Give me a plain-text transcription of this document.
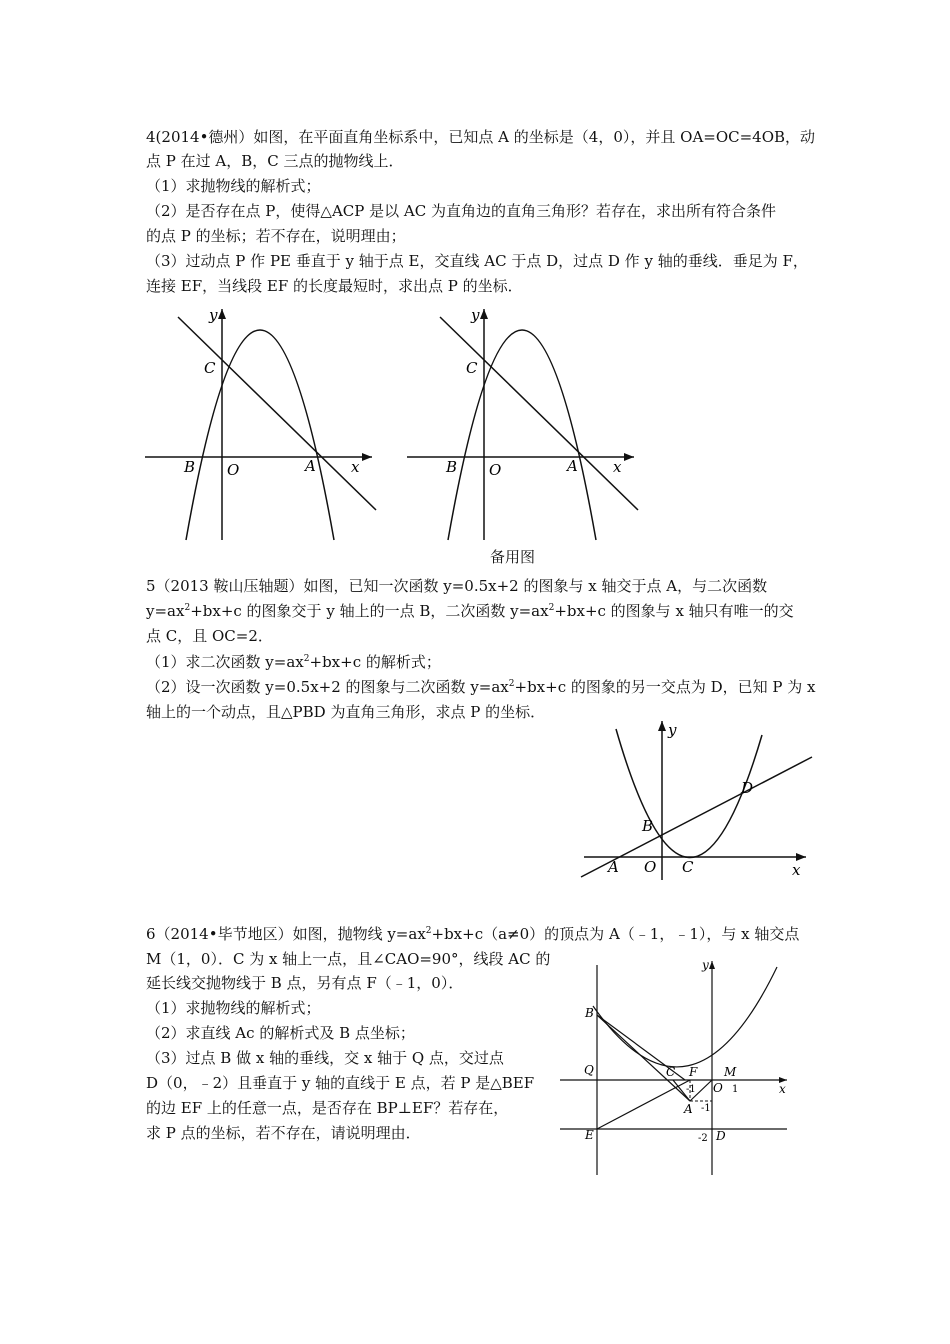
4(2014•德州）如图，在平面直角坐标系中，已知点 A 的坐标是（4，0），并且 OA=OC=4OB，动
点 P 在过 A，B，C 三点的抛物线上．
（1）求抛物线的解析式；
（2）是否存在点 P，使得△ACP 是以 AC 为直角边的直角三角形？若存在，求出所有符合条件
的点 P 的坐标；若不存在，说明理由；
（3）过动点 P 作 PE 垂直于 y 轴于点 E，交直线 AC 于点 D，过点 D 作 y 轴的垂线．垂足为 F，
连接 EF，当线段 EF 的长度最短时，求出点 P 的坐标．
y
x
C
B O	A
y
x
C
B O	A
备用图
5（2013 鞍山压轴题）如图，已知一次函数 y=0.5x+2 的图象与 x 轴交于点 A，与二次函数
$y=ax^2+bx+c$ 的图象交于 y 轴上的一点 B，二次函数 $y=ax^2+bx+c$ 的图象与 x 轴只有唯一的交
点 C，且 OC=2．
（1）求二次函数 $y=ax^2+bx+c$ 的解析式；
（2）设一次函数 y=0.5x+2 的图象与二次函数 $y=ax^2+bx+c$ 的图象的另一交点为 D，已知 P 为 x
轴上的一个动点，且△PBD 为直角三角形，求点 P 的坐标．
y
x
A O C
B
D
6（2014•毕节地区）如图，抛物线 $y=ax^2+bx+c(a\ne 0)$的顶点为 A（﹣1，﹣1），与 x 轴交点
M（1，0）．C 为 x 轴上一点，且∠CAO=90°，线段 AC 的
延长线交抛物线于 B 点，另有点 F（﹣1，0）．
（1）求抛物线的解析式；
（2）求直线 Ac 的解析式及 B 点坐标；
（3）过点 B 做 x 轴的垂线，交 x 轴于 Q 点，交过点
D（0，﹣2）且垂直于 y 轴的直线于 E 点，若 P 是△BEF
的边 EF 上的任意一点，是否存在 BP⊥EF？若存在，
求 P 点的坐标，若不存在，请说明理由．
y
x
B
Q
E
C F M
O
A
D
-1
-1
1
-2
